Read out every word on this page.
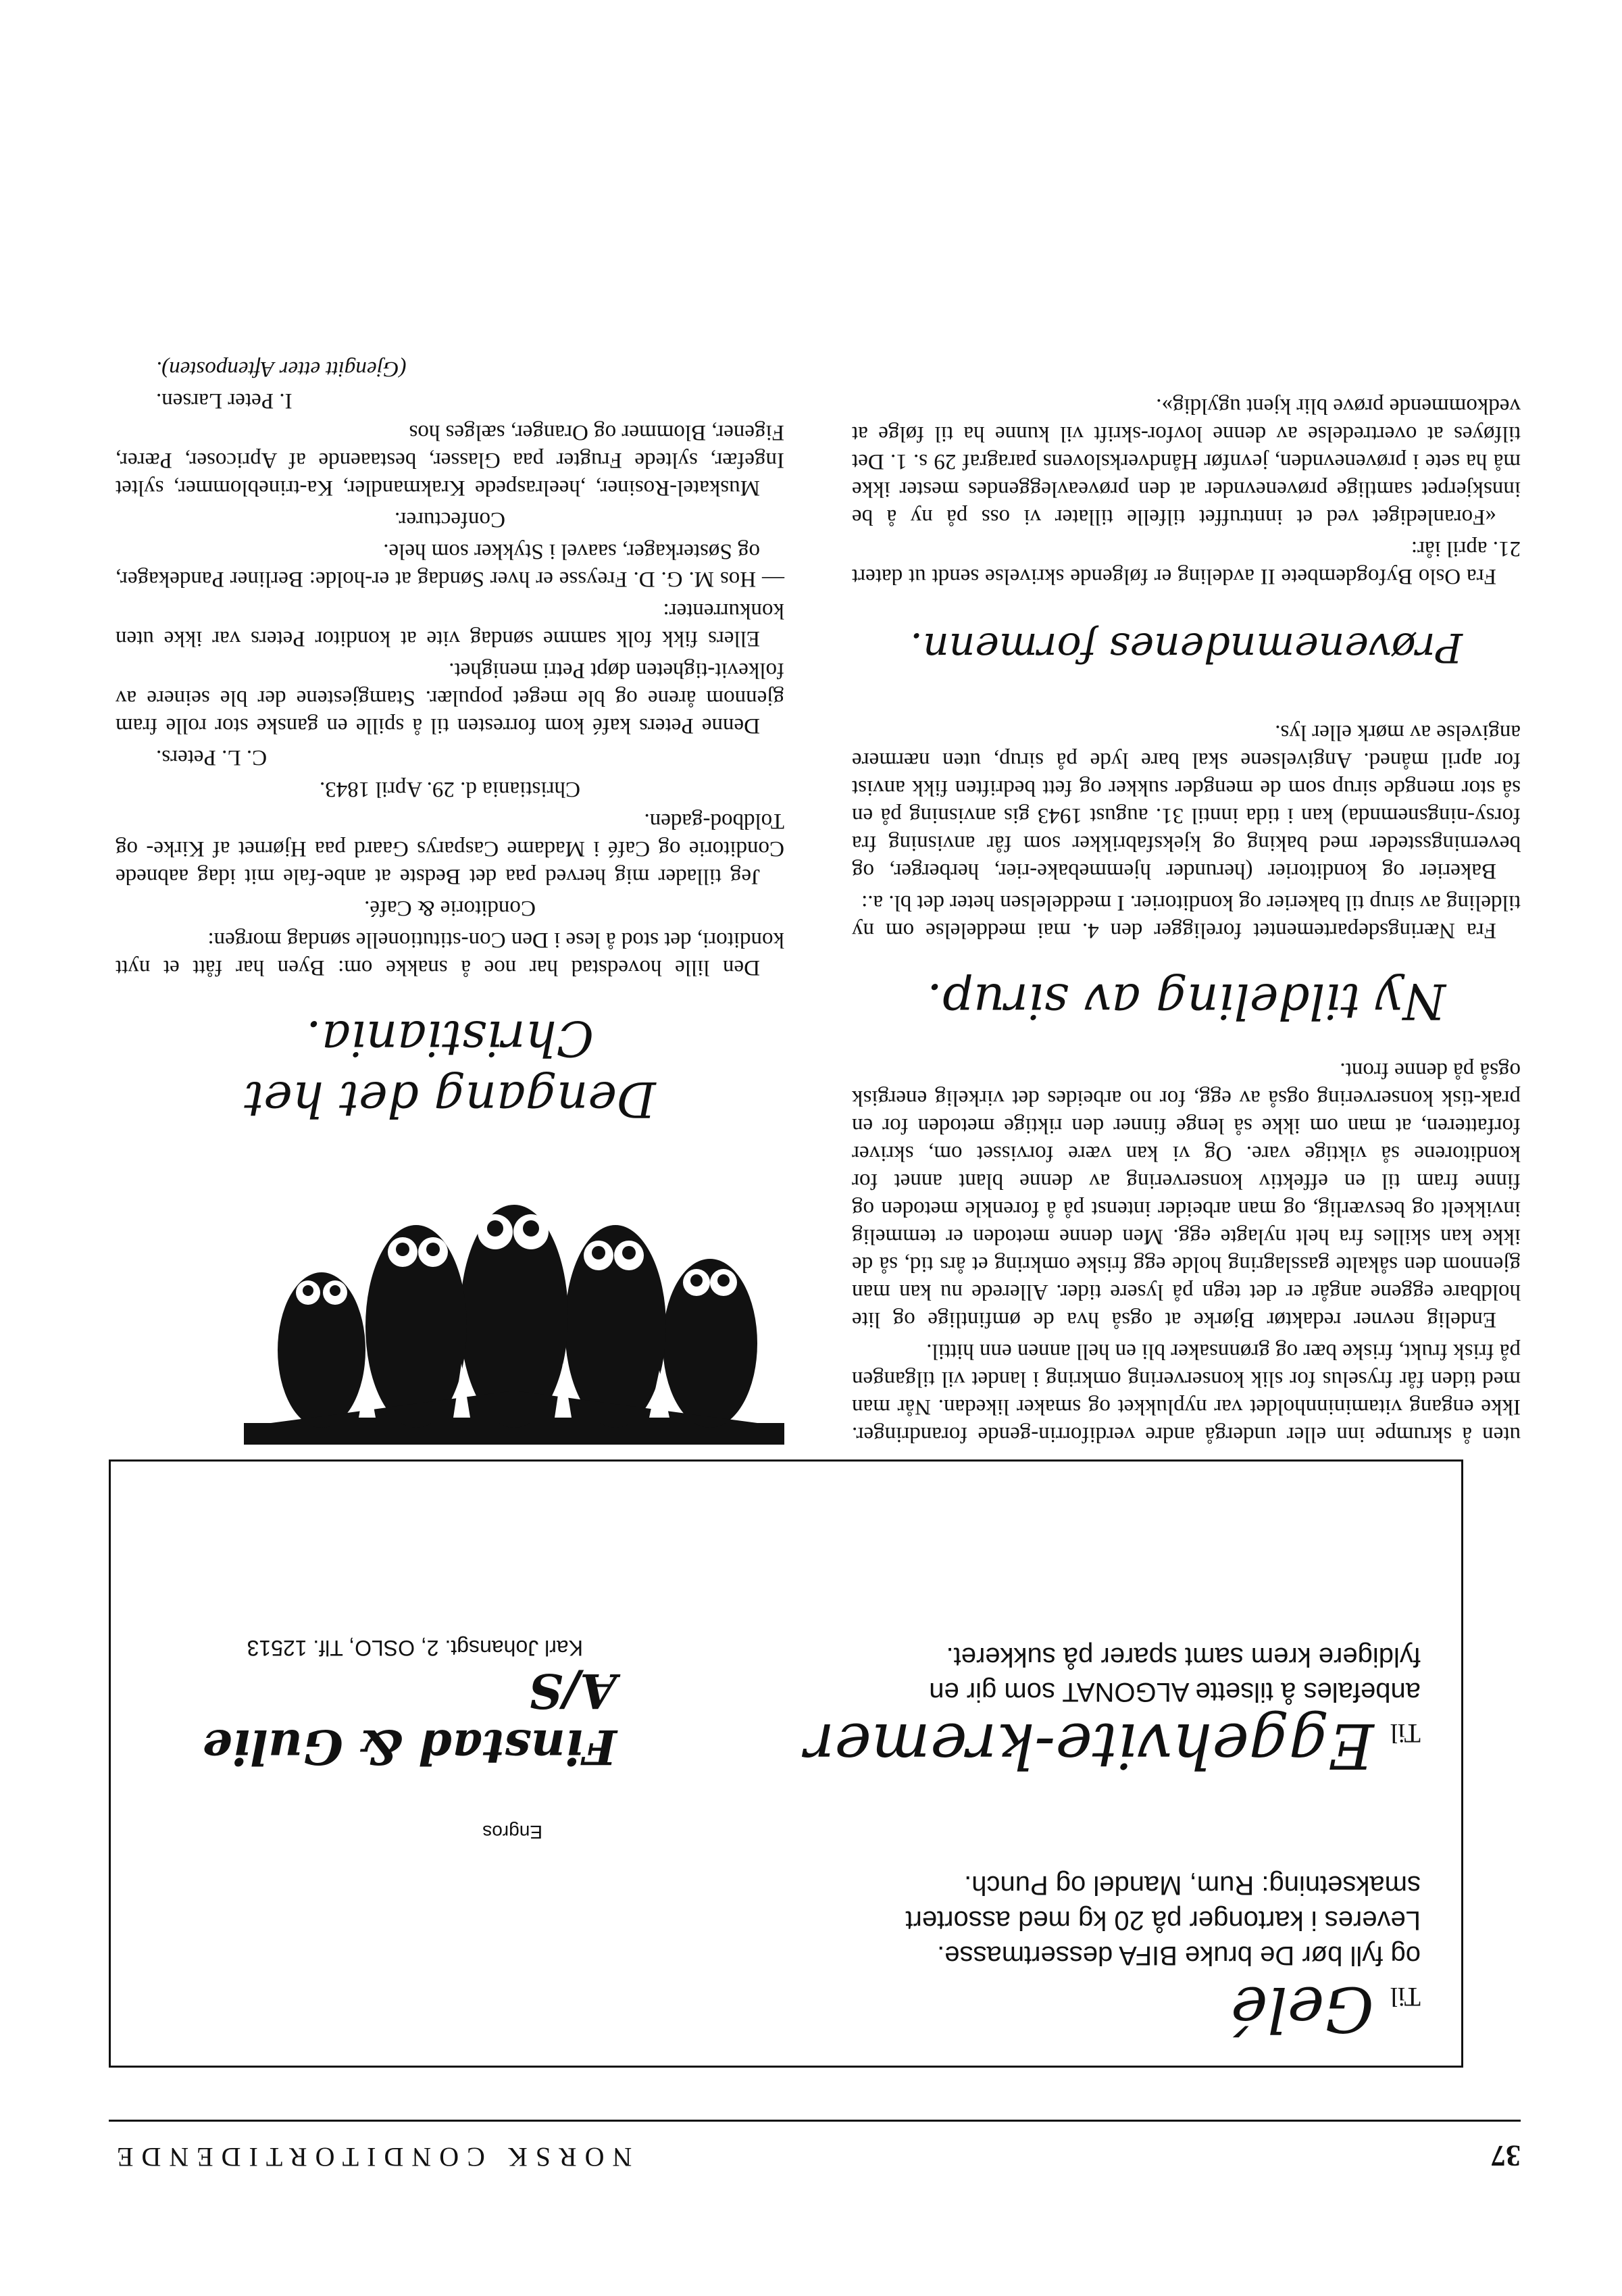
37
NORSK CONDITORTIDENDE
Til Gelé

og fyll bør De bruke BIFA dessertmasse.

Leveres i kartonger på 20 kg med assortert

smaksetning: Rum, Mandel og Punch.

Engros
Til Eggehvite-kremer

anbefales å tilsette ALGONAT som gir en

fyldigere krem samt sparer på sukkeret.

Finstad & Gulie A/S
Karl Johansgt. 2, OSLO, Tlf. 12513

uten å skrumpe inn eller undergå andre verdiforrin-gende forandringer. Ikke engang vitamininnholdet var nyplukket og smaker likedan. Når man med tiden får fryselus for slik konservering omkring i landet vil tilgangen på frisk frukt, friske bær og grønnsaker bli en hell annen enn hittil.

Endelig nevner redaktør Bjørke at også hva de ømfintlige og lite holdbare eggene angår er det tegn på lysere tider. Allerede nu kan man gjennom den såkalte gasslagring holde egg friske omkring et års tid, så de ikke kan skilles fra helt nylagte egg. Men denne metoden er temmelig invikkelt og besværlig, og man arbeider intenst på å forenkle metoden og finne fram til en effektiv konservering av denne blant annet for konditorene så viktige vare. Og vi kan være forvisset om, skriver forfatteren, at man om ikke så lenge finner den riktige metoden for en prak-tisk konservering også av egg, for no arbeides det virkelig energisk også på denne front.

Ny tildeling av sirup.

Fra Næringsdepartementet foreligger den 4. mai meddelelse om ny tildeling av sirup til bakerier og konditorier. I meddelelsen heter det bl. a.:

Bakerier og konditorier (herunder hjemmebake-rier, herberger, og beverningssteder med baking og kjeksfabrikker som får anvisning fra forsy-ningsnemnda) kan i tida inntil 31. august 1943 gis anvisning på en så stor mengde sirup som de mengder sukker og fett bedriften fikk anvist for april måned. Angivelsene skal bare lyde på sirup, uten nærmere angivelse av mørk eller lys.

Prøvenemndenes formenn.

Fra Oslo Byfogdembete II avdeling er følgende skrivelse sendt ut datert 21. april iår:

«Foranlediget ved et inntruffet tilfelle tillater vi oss på ny å be innskjerpet samtlige prøvenevnder at den prøveavleggendes mester ikke må ha sete i prøvenevnden, jevnfør Håndverkslovens paragraf 29 s. 1. Det tilføyes at overtredelse av denne lovfor-skrift vil kunne ha til følge at vedkommende prøve blir kjent ugyldig».

Dengang det het Christiania.

Den lille hovedstad har noe å snakke om: Byen har fått et nytt konditori, det stod å lese i Den Con-stitutionelle søndag morgen:

Conditorie & Café.

Jeg tillader mig herved paa det Bedste at anbe-fale mit idag aabnede Conditorie og Café i Madame Casparys Gaard paa Hjørnet af Kirke- og Toldbod-gaden.

Christiania d. 29. April 1843.

C. L. Peters.

Denne Peters kafé kom forresten til å spille en ganske stor rolle fram gjennom årene og ble meget populær. Stamgjestene der ble seinere av folkevit-tigheten døpt Petri menighet.

Ellers fikk folk samme søndag vite at konditor Peters var ikke uten konkurrenter:

— Hos M. G. D. Freysse er hver Søndag at er-holde: Berliner Pandekager, og Søsterkager, saavel i Stykker som hele.

Confecturer.

Muskatel-Rosiner, ,heelraspede Krakmandler, Ka-trineblommer, syltet Ingefær, syltede Frugter paa Glasser, bestaaende af Apricoser, Pærer, Figener, Blommer og Oranger, sælges hos

I. Peter Larsen.

(Gjengitt etter Aftenposten).
